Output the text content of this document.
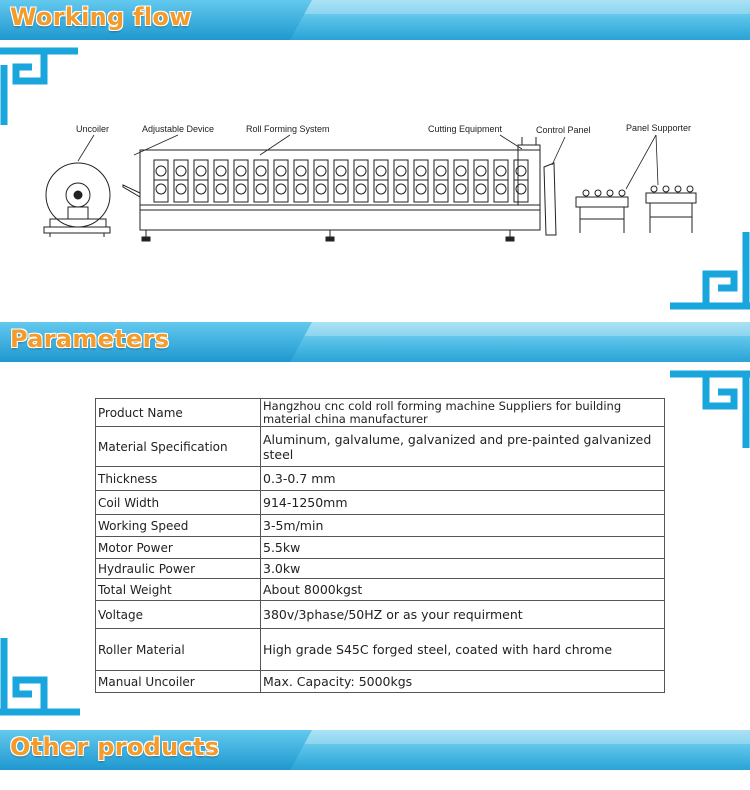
Working flow
Uncoiler	Adjustable Device	Roll Forming System	Cutting Equipment	Control Panel	Panel Supporter
Parameters
Product Name	Hangzhou cnc cold roll forming machine Suppliers for building material china manufacturer
Material Specification	Aluminum, galvalume, galvanized and pre-painted galvanized steel
Thickness	0.3-0.7 mm
Coil Width	914-1250mm
Working Speed	3-5m/min
Motor Power	5.5kw
Hydraulic Power	3.0kw
Total Weight	About 8000kgst
Voltage	380v/3phase/50HZ or as your requirment
Roller Material	High grade S45C forged steel, coated with hard chrome
Manual Uncoiler	Max. Capacity: 5000kgs
Other products
